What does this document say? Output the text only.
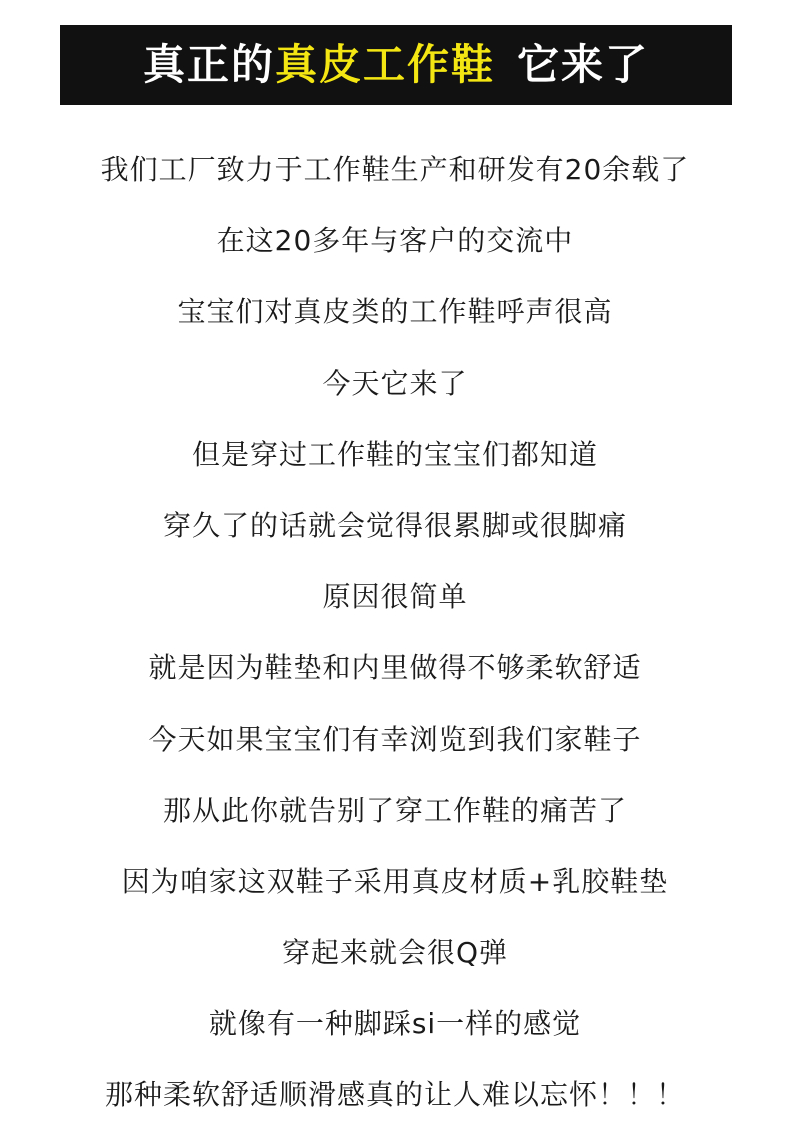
真正的 真皮工作鞋 它来了
我们工厂致力于工作鞋生产和研发有20余载了
在这20多年与客户的交流中
宝宝们对真皮类的工作鞋呼声很高
今天它来了
但是穿过工作鞋的宝宝们都知道
穿久了的话就会觉得很累脚或很脚痛
原因很简单
就是因为鞋垫和内里做得不够柔软舒适
今天如果宝宝们有幸浏览到我们家鞋子
那从此你就告别了穿工作鞋的痛苦了
因为咱家这双鞋子采用真皮材质+乳胶鞋垫
穿起来就会很Q弹
就像有一种脚踩si一样的感觉
那种柔软舒适顺滑感真的让人难以忘怀！！！
